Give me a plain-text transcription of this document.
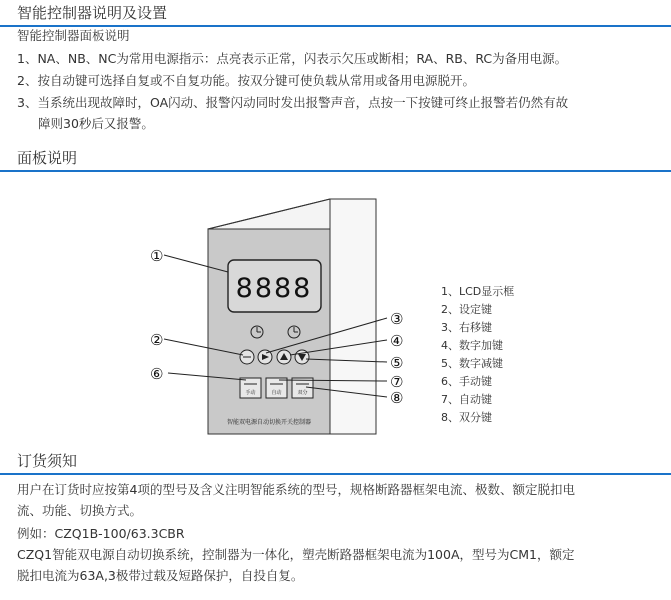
智能控制器说明及设置
智能控制器面板说明
1、NA、NB、NC为常用电源指示：点亮表示正常，闪表示欠压或断相；RA、RB、RC为备用电源。
2、按自动键可选择自复或不自复功能。按双分键可使负载从常用或备用电源脱开。
3、当系统出现故障时，OA闪动、报警闪动同时发出报警声音，点按一下按键可终止报警若仍然有故
障则30秒后又报警。
面板说明
8888
手动	自动	双分
智能双电源自动切换开关控制器
①
②
③
④
⑤
⑥	⑦
⑧
1、LCD显示框
2、设定键
3、右移键
4、数字加键
5、数字减键
6、手动键
7、自动键
8、双分键
订货须知
用户在订货时应按第4项的型号及含义注明智能系统的型号，规格断路器框架电流、极数、额定脱扣电
流、功能、切换方式。
例如：CZQ1B-100/63.3CBR
CZQ1智能双电源自动切换系统，控制器为一体化，塑壳断路器框架电流为100A，型号为CM1，额定
脱扣电流为63A,3极带过载及短路保护，自投自复。
